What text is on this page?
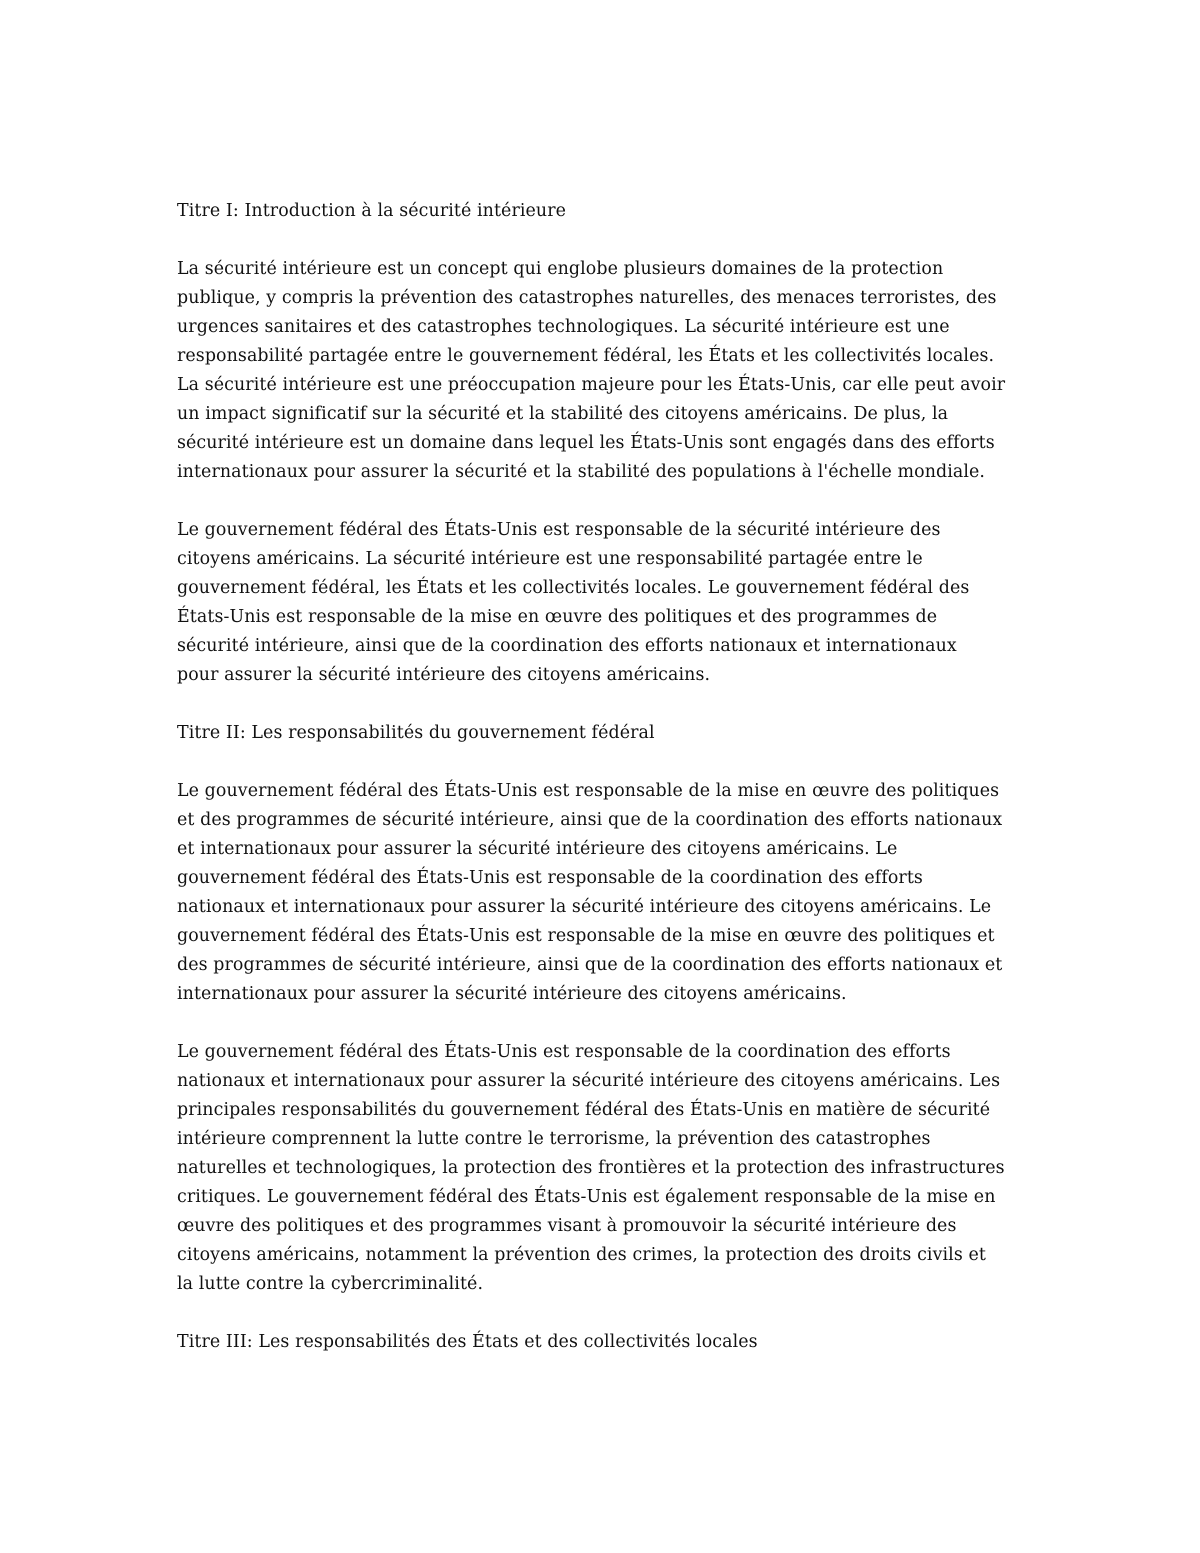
Titre I: Introduction à la sécurité intérieure
La sécurité intérieure est un concept qui englobe plusieurs domaines de la protection
publique, y compris la prévention des catastrophes naturelles, des menaces terroristes, des
urgences sanitaires et des catastrophes technologiques. La sécurité intérieure est une
responsabilité partagée entre le gouvernement fédéral, les États et les collectivités locales.
La sécurité intérieure est une préoccupation majeure pour les États-Unis, car elle peut avoir
un impact significatif sur la sécurité et la stabilité des citoyens américains. De plus, la
sécurité intérieure est un domaine dans lequel les États-Unis sont engagés dans des efforts
internationaux pour assurer la sécurité et la stabilité des populations à l'échelle mondiale.
Le gouvernement fédéral des États-Unis est responsable de la sécurité intérieure des
citoyens américains. La sécurité intérieure est une responsabilité partagée entre le
gouvernement fédéral, les États et les collectivités locales. Le gouvernement fédéral des
États-Unis est responsable de la mise en œuvre des politiques et des programmes de
sécurité intérieure, ainsi que de la coordination des efforts nationaux et internationaux
pour assurer la sécurité intérieure des citoyens américains.
Titre II: Les responsabilités du gouvernement fédéral
Le gouvernement fédéral des États-Unis est responsable de la mise en œuvre des politiques
et des programmes de sécurité intérieure, ainsi que de la coordination des efforts nationaux
et internationaux pour assurer la sécurité intérieure des citoyens américains. Le
gouvernement fédéral des États-Unis est responsable de la coordination des efforts
nationaux et internationaux pour assurer la sécurité intérieure des citoyens américains. Le
gouvernement fédéral des États-Unis est responsable de la mise en œuvre des politiques et
des programmes de sécurité intérieure, ainsi que de la coordination des efforts nationaux et
internationaux pour assurer la sécurité intérieure des citoyens américains.
Le gouvernement fédéral des États-Unis est responsable de la coordination des efforts
nationaux et internationaux pour assurer la sécurité intérieure des citoyens américains. Les
principales responsabilités du gouvernement fédéral des États-Unis en matière de sécurité
intérieure comprennent la lutte contre le terrorisme, la prévention des catastrophes
naturelles et technologiques, la protection des frontières et la protection des infrastructures
critiques. Le gouvernement fédéral des États-Unis est également responsable de la mise en
œuvre des politiques et des programmes visant à promouvoir la sécurité intérieure des
citoyens américains, notamment la prévention des crimes, la protection des droits civils et
la lutte contre la cybercriminalité.
Titre III: Les responsabilités des États et des collectivités locales
